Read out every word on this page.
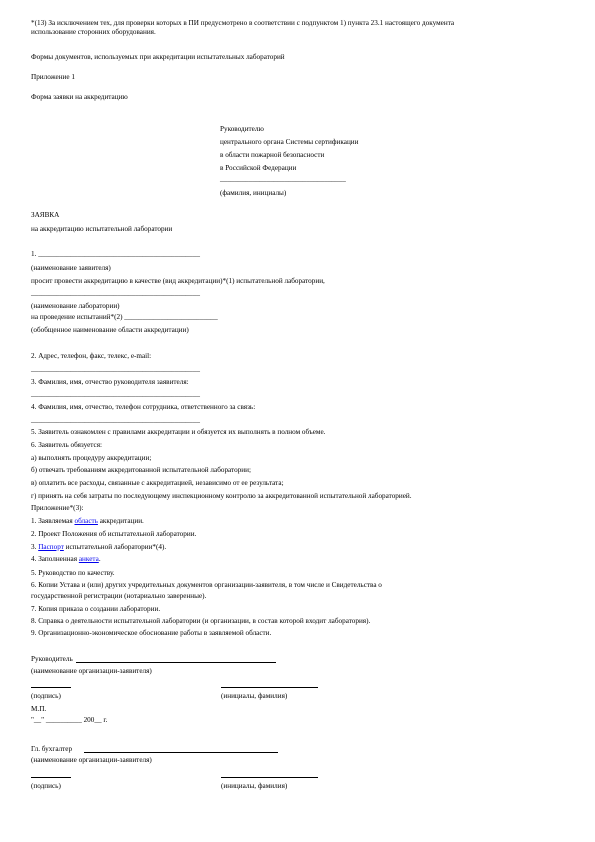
*(13) За исключением тех, для проверки которых в ПИ предусмотрено в соответствии с подпунктом 1) пункта 23.1 настоящего документа
использование сторонних оборудования.
Формы документов, используемых при аккредитации испытательных лабораторий
Приложение 1
Форма заявки на аккредитацию
Руководителю
центрального органа Системы сертификации
в области пожарной безопасности
в Российской Федерации
___________________________________
(фамилия, инициалы)
ЗАЯВКА
на аккредитацию испытательной лаборатории
1. _____________________________________________
(наименование заявителя)
просит провести аккредитацию в качестве (вид аккредитации)*(1) испытательной лаборатории,
_______________________________________________
(наименование лаборатории)
на проведение испытаний*(2) __________________________
(обобщенное наименование области аккредитации)
2. Адрес, телефон, факс, телекс, e-mail:
_______________________________________________
3. Фамилия, имя, отчество руководителя заявителя:
_______________________________________________
4. Фамилия, имя, отчество, телефон сотрудника, ответственного за связь:
_______________________________________________
5. Заявитель ознакомлен с правилами аккредитации и обязуется их выполнять в полном объеме.
6. Заявитель обязуется:
а) выполнять процедуру аккредитации;
б) отвечать требованиям аккредитованной испытательной лаборатории;
в) оплатить все расходы, связанные с аккредитацией, независимо от ее результата;
г) принять на себя затраты по последующему инспекционному контролю за аккредитованной испытательной лабораторией.
Приложение*(3):
1. Заявляемая область аккредитации.
2. Проект Положения об испытательной лаборатории.
3. Паспорт испытательной лаборатории*(4).
4. Заполненная анкета.
5. Руководство по качеству.
6. Копии Устава и (или) других учредительных документов организации-заявителя, в том числе и Свидетельства о
государственной регистрации (нотариально заверенные).
7. Копия приказа о создании лаборатории.
8. Справка о деятельности испытательной лаборатории (и организации, в состав которой входит лаборатория).
9. Организационно-экономическое обоснование работы в заявляемой области.
Руководитель
(наименование организации-заявителя)
(подпись)	(инициалы, фамилия)
М.П.
"__" __________ 200__ г.
Гл. бухгалтер
(наименование организации-заявителя)
(подпись)	(инициалы, фамилия)
